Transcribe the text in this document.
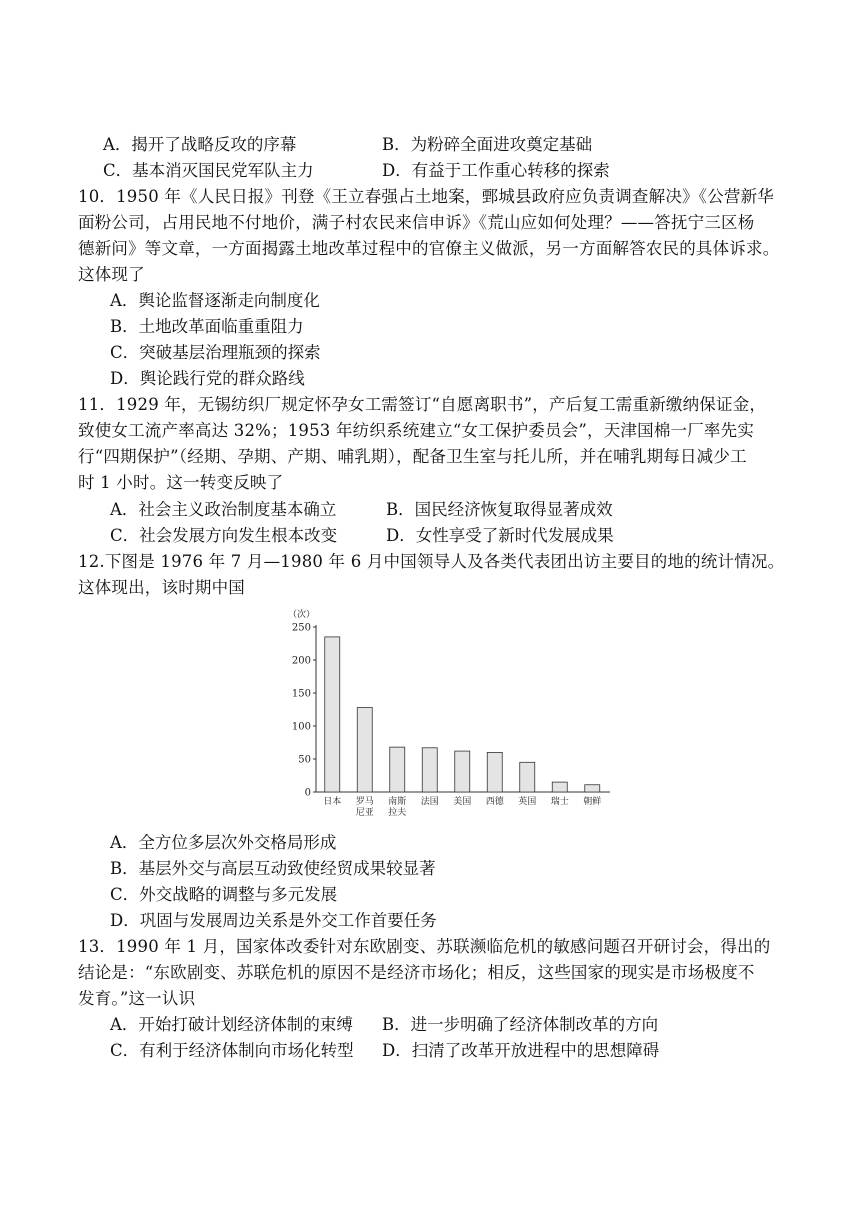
A．揭开了战略反攻的序幕	B．为粉碎全面进攻奠定基础
C．基本消灭国民党军队主力	D．有益于工作重心转移的探索
10．1950 年《人民日报》刊登《王立春强占土地案，鄄城县政府应负责调查解决》《公营新华
面粉公司，占用民地不付地价，满子村农民来信申诉》《荒山应如何处理？——答抚宁三区杨
德新问》等文章，一方面揭露土地改革过程中的官僚主义做派，另一方面解答农民的具体诉求。
这体现了
A．舆论监督逐渐走向制度化
B．土地改革面临重重阻力
C．突破基层治理瓶颈的探索
D．舆论践行党的群众路线
11．1929 年，无锡纺织厂规定怀孕女工需签订“自愿离职书”，产后复工需重新缴纳保证金，
致使女工流产率高达 32%；1953 年纺织系统建立“女工保护委员会”，天津国棉一厂率先实
行“四期保护”（经期、孕期、产期、哺乳期），配备卫生室与托儿所，并在哺乳期每日减少工
时 1 小时。这一转变反映了
A．社会主义政治制度基本确立	B．国民经济恢复取得显著成效
C．社会发展方向发生根本改变	D．女性享受了新时代发展成果
12.下图是 1976 年 7 月—1980 年 6 月中国领导人及各类代表团出访主要目的地的统计情况。
这体现出，该时期中国
（次）
0
50
100
150
200
250
日本 罗马
尼亚
南斯
拉夫
法国 美国 西德 英国 瑞士 朝鲜
A．全方位多层次外交格局形成
B．基层外交与高层互动致使经贸成果较显著
C．外交战略的调整与多元发展
D．巩固与发展周边关系是外交工作首要任务
13．1990 年 1 月，国家体改委针对东欧剧变、苏联濒临危机的敏感问题召开研讨会，得出的
结论是：“东欧剧变、苏联危机的原因不是经济市场化；相反，这些国家的现实是市场极度不
发育。”这一认识
A．开始打破计划经济体制的束缚 B．进一步明确了经济体制改革的方向
C．有利于经济体制向市场化转型 D．扫清了改革开放进程中的思想障碍
